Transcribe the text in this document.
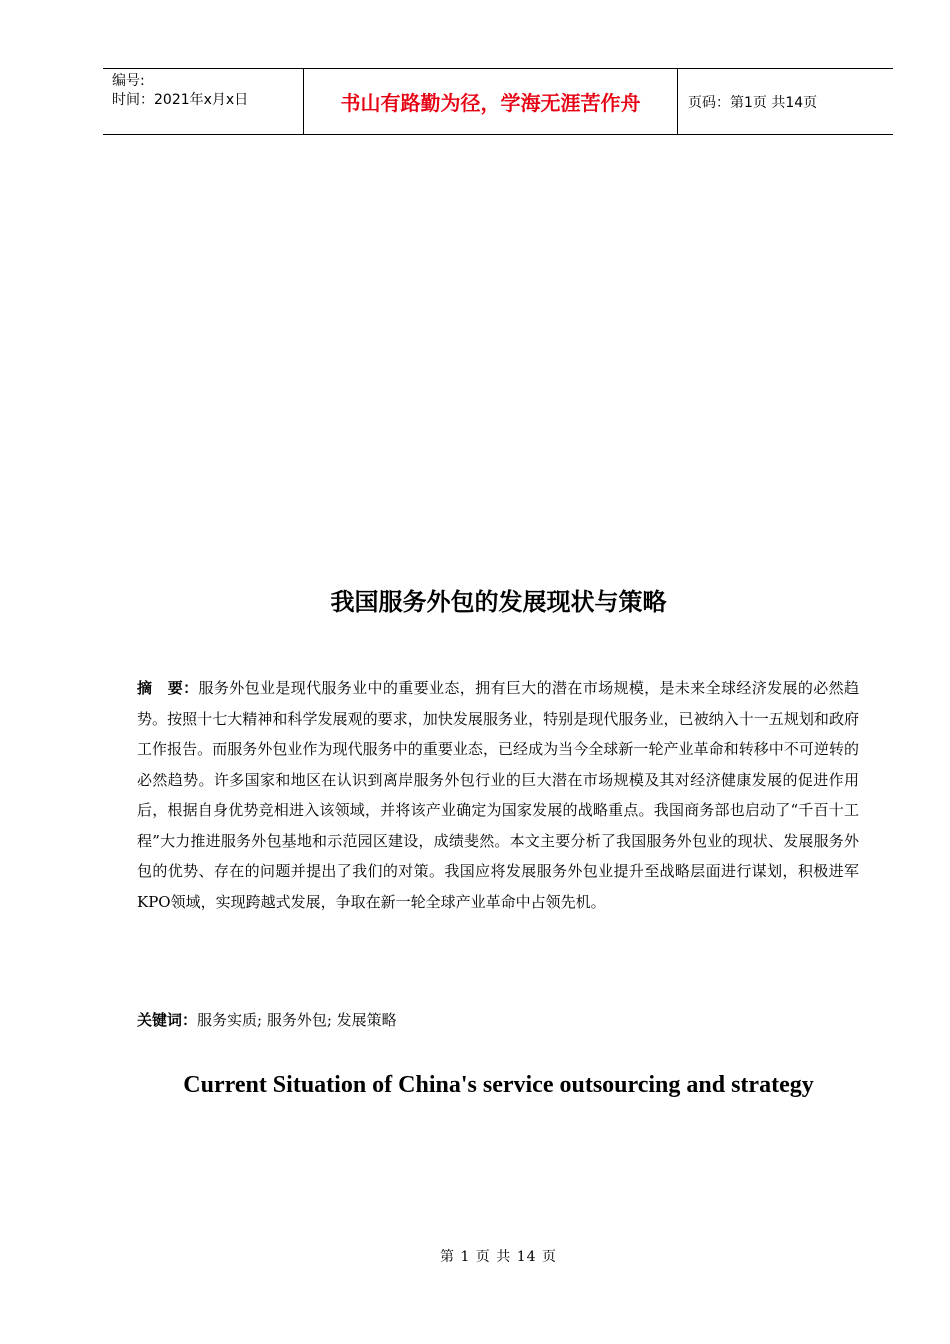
编号:
时间：2021年x月x日	书山有路勤为径，学海无涯苦作舟	页码：第1页 共14页
我国服务外包的发展现状与策略

摘　要：服务外包业是现代服务业中的重要业态，拥有巨大的潜在市场规模，是未来全球经济发展的必然趋势。按照十七大精神和科学发展观的要求，加快发展服务业，特别是现代服务业，已被纳入十一五规划和政府工作报告。而服务外包业作为现代服务中的重要业态，已经成为当今全球新一轮产业革命和转移中不可逆转的必然趋势。许多国家和地区在认识到离岸服务外包行业的巨大潜在市场规模及其对经济健康发展的促进作用后，根据自身优势竞相进入该领域，并将该产业确定为国家发展的战略重点。我国商务部也启动了“千百十工程”大力推进服务外包基地和示范园区建设，成绩斐然。本文主要分析了我国服务外包业的现状、发展服务外包的优势、存在的问题并提出了我们的对策。我国应将发展服务外包业提升至战略层面进行谋划，积极进军KPO领域，实现跨越式发展，争取在新一轮全球产业革命中占领先机。

关键词：服务实质; 服务外包; 发展策略

Current Situation of China's service outsourcing and strategy
第 1 页 共 14 页
